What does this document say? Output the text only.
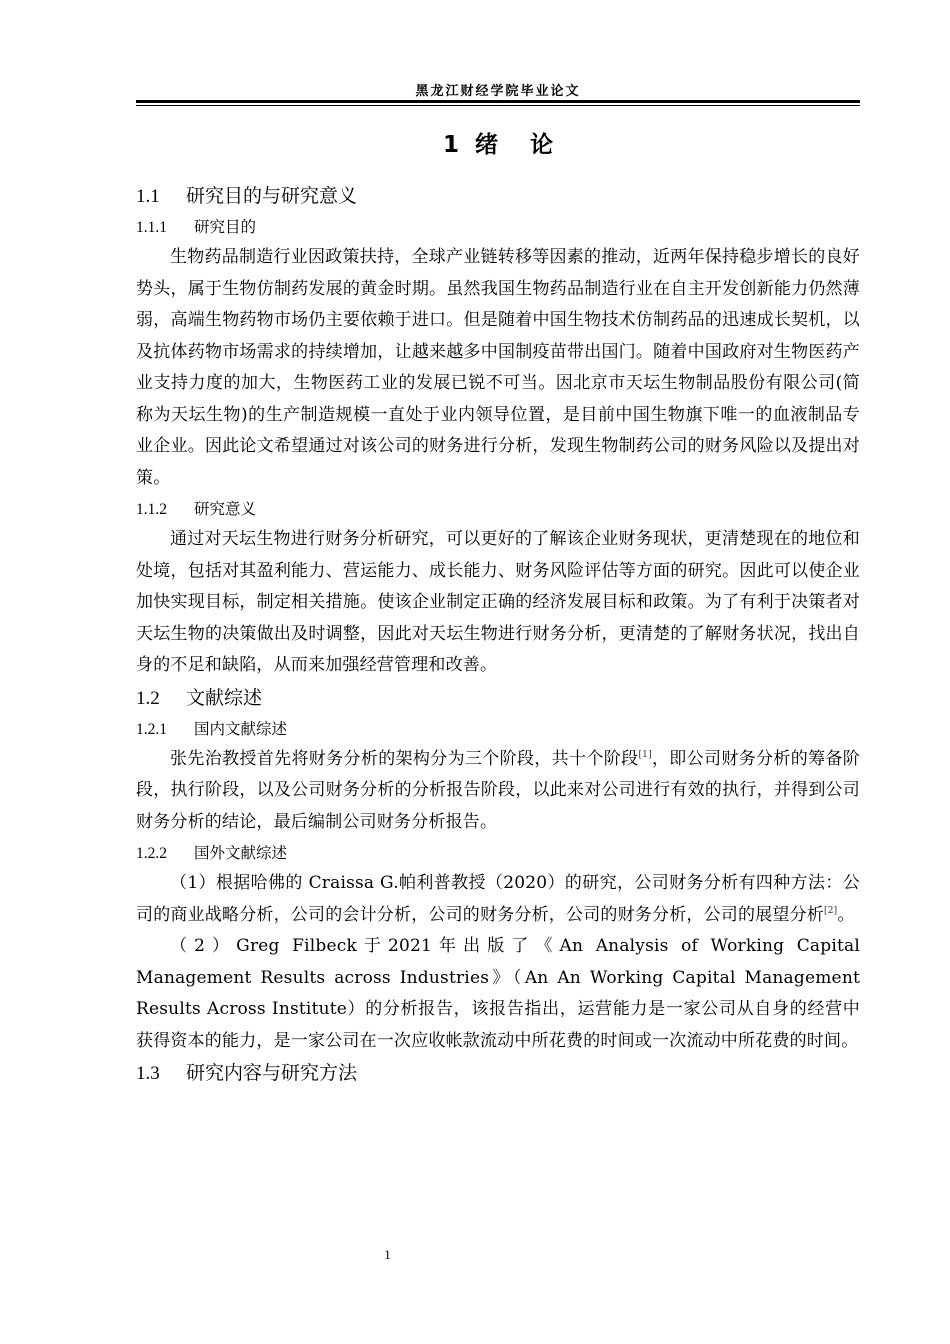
黑龙江财经学院毕业论文
1  绪    论
1.1 研究目的与研究意义
1.1.1 研究目的

生物药品制造行业因政策扶持，全球产业链转移等因素的推动，近两年保持稳步增长的良好势头，属于生物仿制药发展的黄金时期。虽然我国生物药品制造行业在自主开发创新能力仍然薄弱，高端生物药物市场仍主要依赖于进口。但是随着中国生物技术仿制药品的迅速成长契机，以及抗体药物市场需求的持续增加，让越来越多中国制疫苗带出国门。随着中国政府对生物医药产业支持力度的加大，生物医药工业的发展已锐不可当。因北京市天坛生物制品股份有限公司(简称为天坛生物)的生产制造规模一直处于业内领导位置，是目前中国生物旗下唯一的血液制品专业企业。因此论文希望通过对该公司的财务进行分析，发现生物制药公司的财务风险以及提出对策。

1.1.2 研究意义

通过对天坛生物进行财务分析研究，可以更好的了解该企业财务现状，更清楚现在的地位和处境，包括对其盈利能力、营运能力、成长能力、财务风险评估等方面的研究。因此可以使企业加快实现目标，制定相关措施。使该企业制定正确的经济发展目标和政策。为了有利于决策者对天坛生物的决策做出及时调整，因此对天坛生物进行财务分析，更清楚的了解财务状况，找出自身的不足和缺陷，从而来加强经营管理和改善。

1.2 文献综述
1.2.1 国内文献综述

张先治教授首先将财务分析的架构分为三个阶段，共十个阶段[1]，即公司财务分析的筹备阶段，执行阶段，以及公司财务分析的分析报告阶段，以此来对公司进行有效的执行，并得到公司财务分析的结论，最后编制公司财务分析报告。

1.2.2 国外文献综述

（1）根据哈佛的 Craissa G.帕利普教授（2020）的研究，公司财务分析有四种方法：公司的商业战略分析，公司的会计分析，公司的财务分析，公司的财务分析，公司的展望分析[2]。

（2）Greg Filbeck于2021年出版了《An Analysis of Working Capital Management Results across Industries》（An An Working Capital Management Results Across Institute）的分析报告，该报告指出，运营能力是一家公司从自身的经营中获得资本的能力，是一家公司在一次应收帐款流动中所花费的时间或一次流动中所花费的时间。

1.3 研究内容与研究方法
1
